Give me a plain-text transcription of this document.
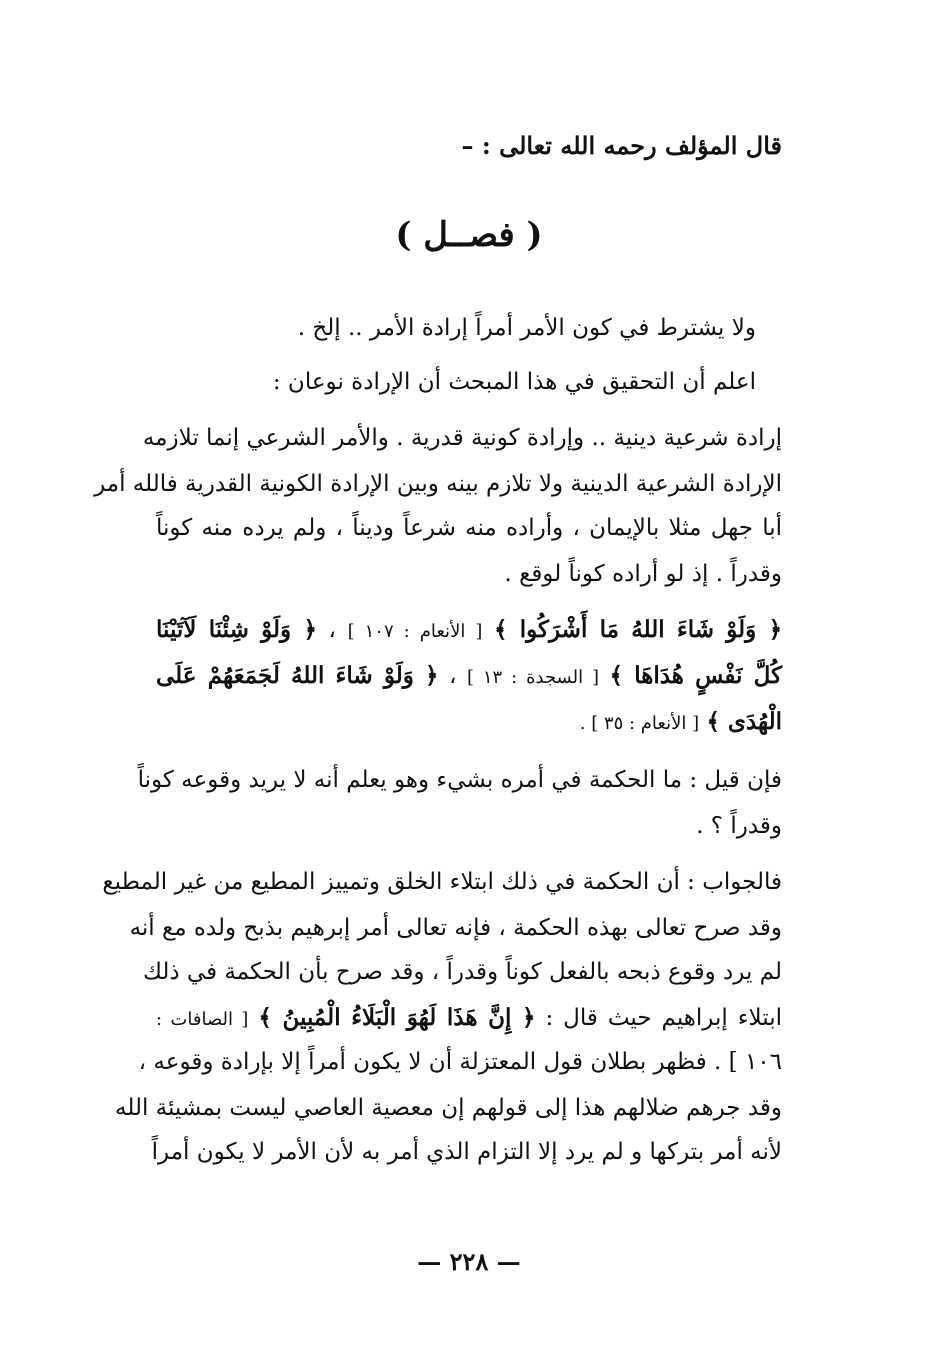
قال المؤلف رحمه الله تعالى : –
( فصــل )
ولا يشترط في كون الأمر أمراً إرادة الأمر .. إلخ .
اعلم أن التحقيق في هذا المبحث أن الإرادة نوعان :
إرادة شرعية دينية .. وإرادة كونية قدرية . والأمر الشرعي إنما تلازمه
الإرادة الشرعية الدينية ولا تلازم بينه وبين الإرادة الكونية القدرية فالله أمر
أبا جهل مثلا بالإيمان ، وأراده منه شرعاً وديناً ، ولم يرده منه كوناً
وقدراً . إذ لو أراده كوناً لوقع .
﴿ وَلَوْ شَاءَ اللهُ مَا أَشْرَكُوا ﴾ [ الأنعام : ١٠٧ ] ، ﴿ وَلَوْ شِئْنَا لَآتَيْنَا
كُلَّ نَفْسٍ هُدَاهَا ﴾ [ السجدة : ١٣ ] ، ﴿ وَلَوْ شَاءَ اللهُ لَجَمَعَهُمْ عَلَى
الْهُدَى ﴾ [ الأنعام : ٣٥ ] .
فإن قيل : ما الحكمة في أمره بشيء وهو يعلم أنه لا يريد وقوعه كوناً
وقدراً ؟ .
فالجواب : أن الحكمة في ذلك ابتلاء الخلق وتمييز المطيع من غير المطيع
وقد صرح تعالى بهذه الحكمة ، فإنه تعالى أمر إبرهيم بذبح ولده مع أنه
لم يرد وقوع ذبحه بالفعل كوناً وقدراً ، وقد صرح بأن الحكمة في ذلك
ابتلاء إبراهيم حيث قال : ﴿ إِنَّ هَذَا لَهُوَ الْبَلَاءُ الْمُبِينُ ﴾ [ الصافات :
١٠٦ ] . فظهر بطلان قول المعتزلة أن لا يكون أمراً إلا بإرادة وقوعه ،
وقد جرهم ضلالهم هذا إلى قولهم إن معصية العاصي ليست بمشيئة الله
لأنه أمر بتركها و لم يرد إلا التزام الذي أمر به لأن الأمر لا يكون أمراً
— ٢٢٨ —
